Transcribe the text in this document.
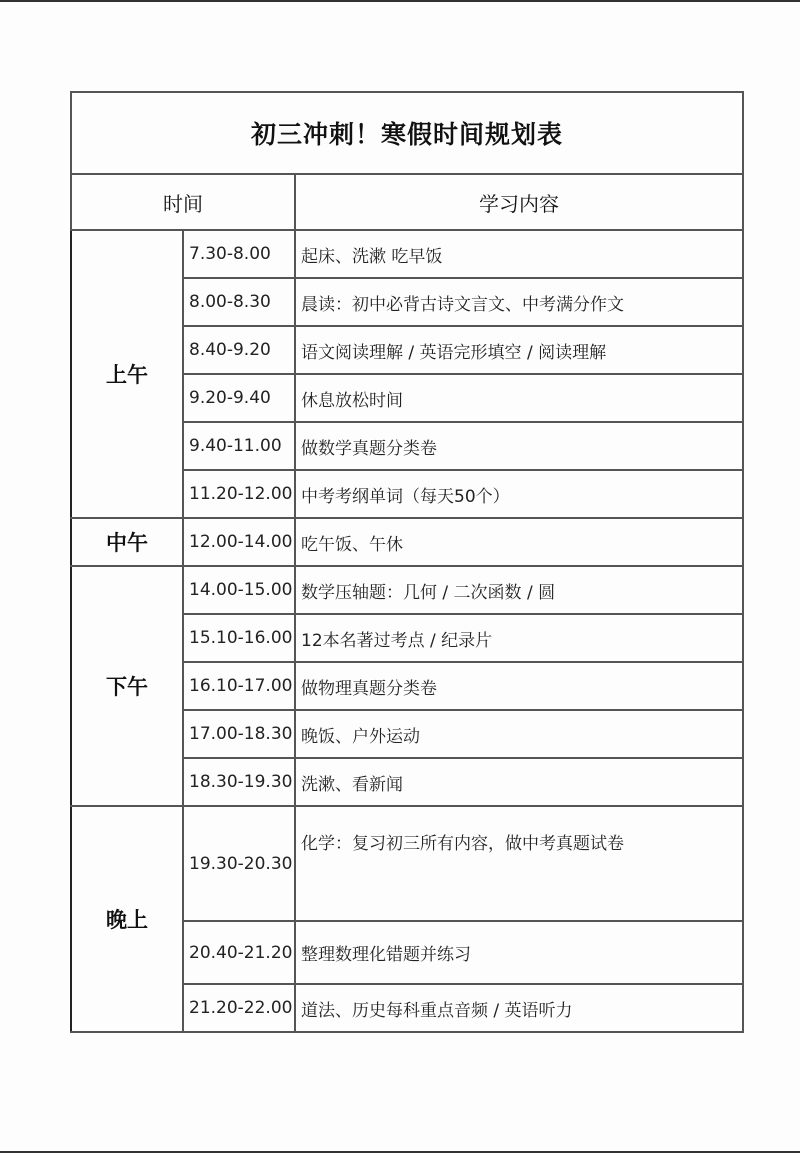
初三冲刺！寒假时间规划表		
时间		学习内容
上午	7.30-8.00	起床、洗漱 吃早饭
	8.00-8.30	晨读：初中必背古诗文言文、中考满分作文
	8.40-9.20	语文阅读理解 / 英语完形填空 / 阅读理解
	9.20-9.40	休息放松时间
	9.40-11.00	做数学真题分类卷
	11.20-12.00	中考考纲单词（每天50个）
中午	12.00-14.00	吃午饭、午休
下午	14.00-15.00	数学压轴题：几何 / 二次函数 / 圆
	15.10-16.00	12本名著过考点 / 纪录片
	16.10-17.00	做物理真题分类卷
	17.00-18.30	晚饭、户外运动
	18.30-19.30	洗漱、看新闻
晚上	19.30-20.30	化学：复习初三所有内容，做中考真题试卷
	20.40-21.20	整理数理化错题并练习
	21.20-22.00	道法、历史每科重点音频 / 英语听力
